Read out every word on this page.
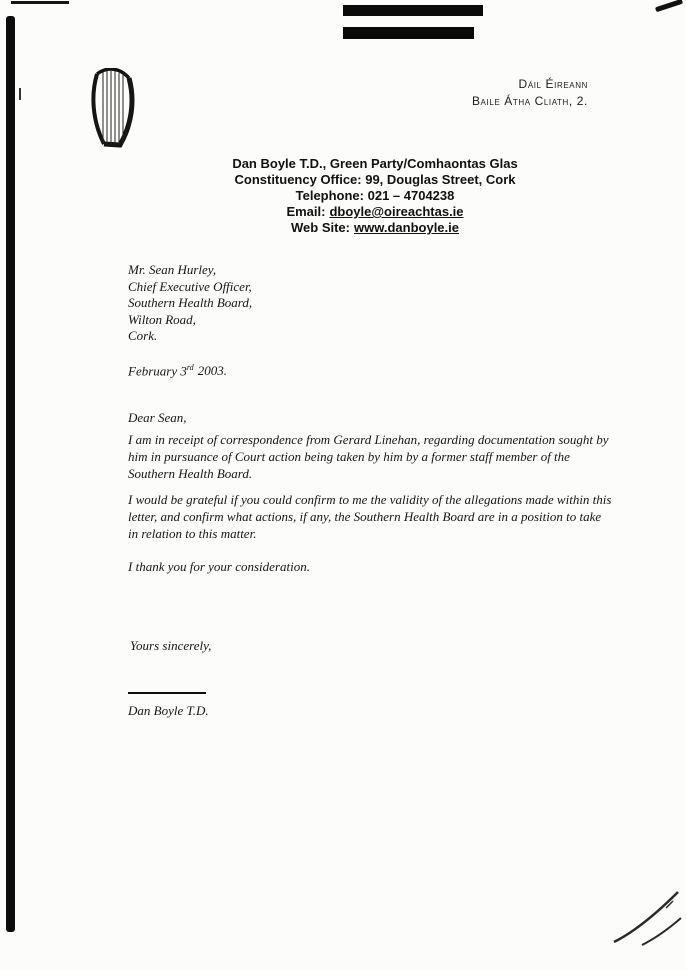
Dáil Éireann
Baile Átha Cliath, 2.
Dan Boyle T.D., Green Party/Comhaontas Glas
Constituency Office: 99, Douglas Street, Cork
Telephone: 021 – 4704238
Email: dboyle@oireachtas.ie
Web Site: www.danboyle.ie
Mr. Sean Hurley,
Chief Executive Officer,
Southern Health Board,
Wilton Road,
Cork.
February 3rd 2003.
Dear Sean,
I am in receipt of correspondence from Gerard Linehan, regarding documentation sought by him in pursuance of Court action being taken by him by a former staff member of the Southern Health Board.
I would be grateful if you could confirm to me the validity of the allegations made within this letter, and confirm what actions, if any, the Southern Health Board are in a position to take in relation to this matter.
I thank you for your consideration.
Yours sincerely,
Dan Boyle T.D.
